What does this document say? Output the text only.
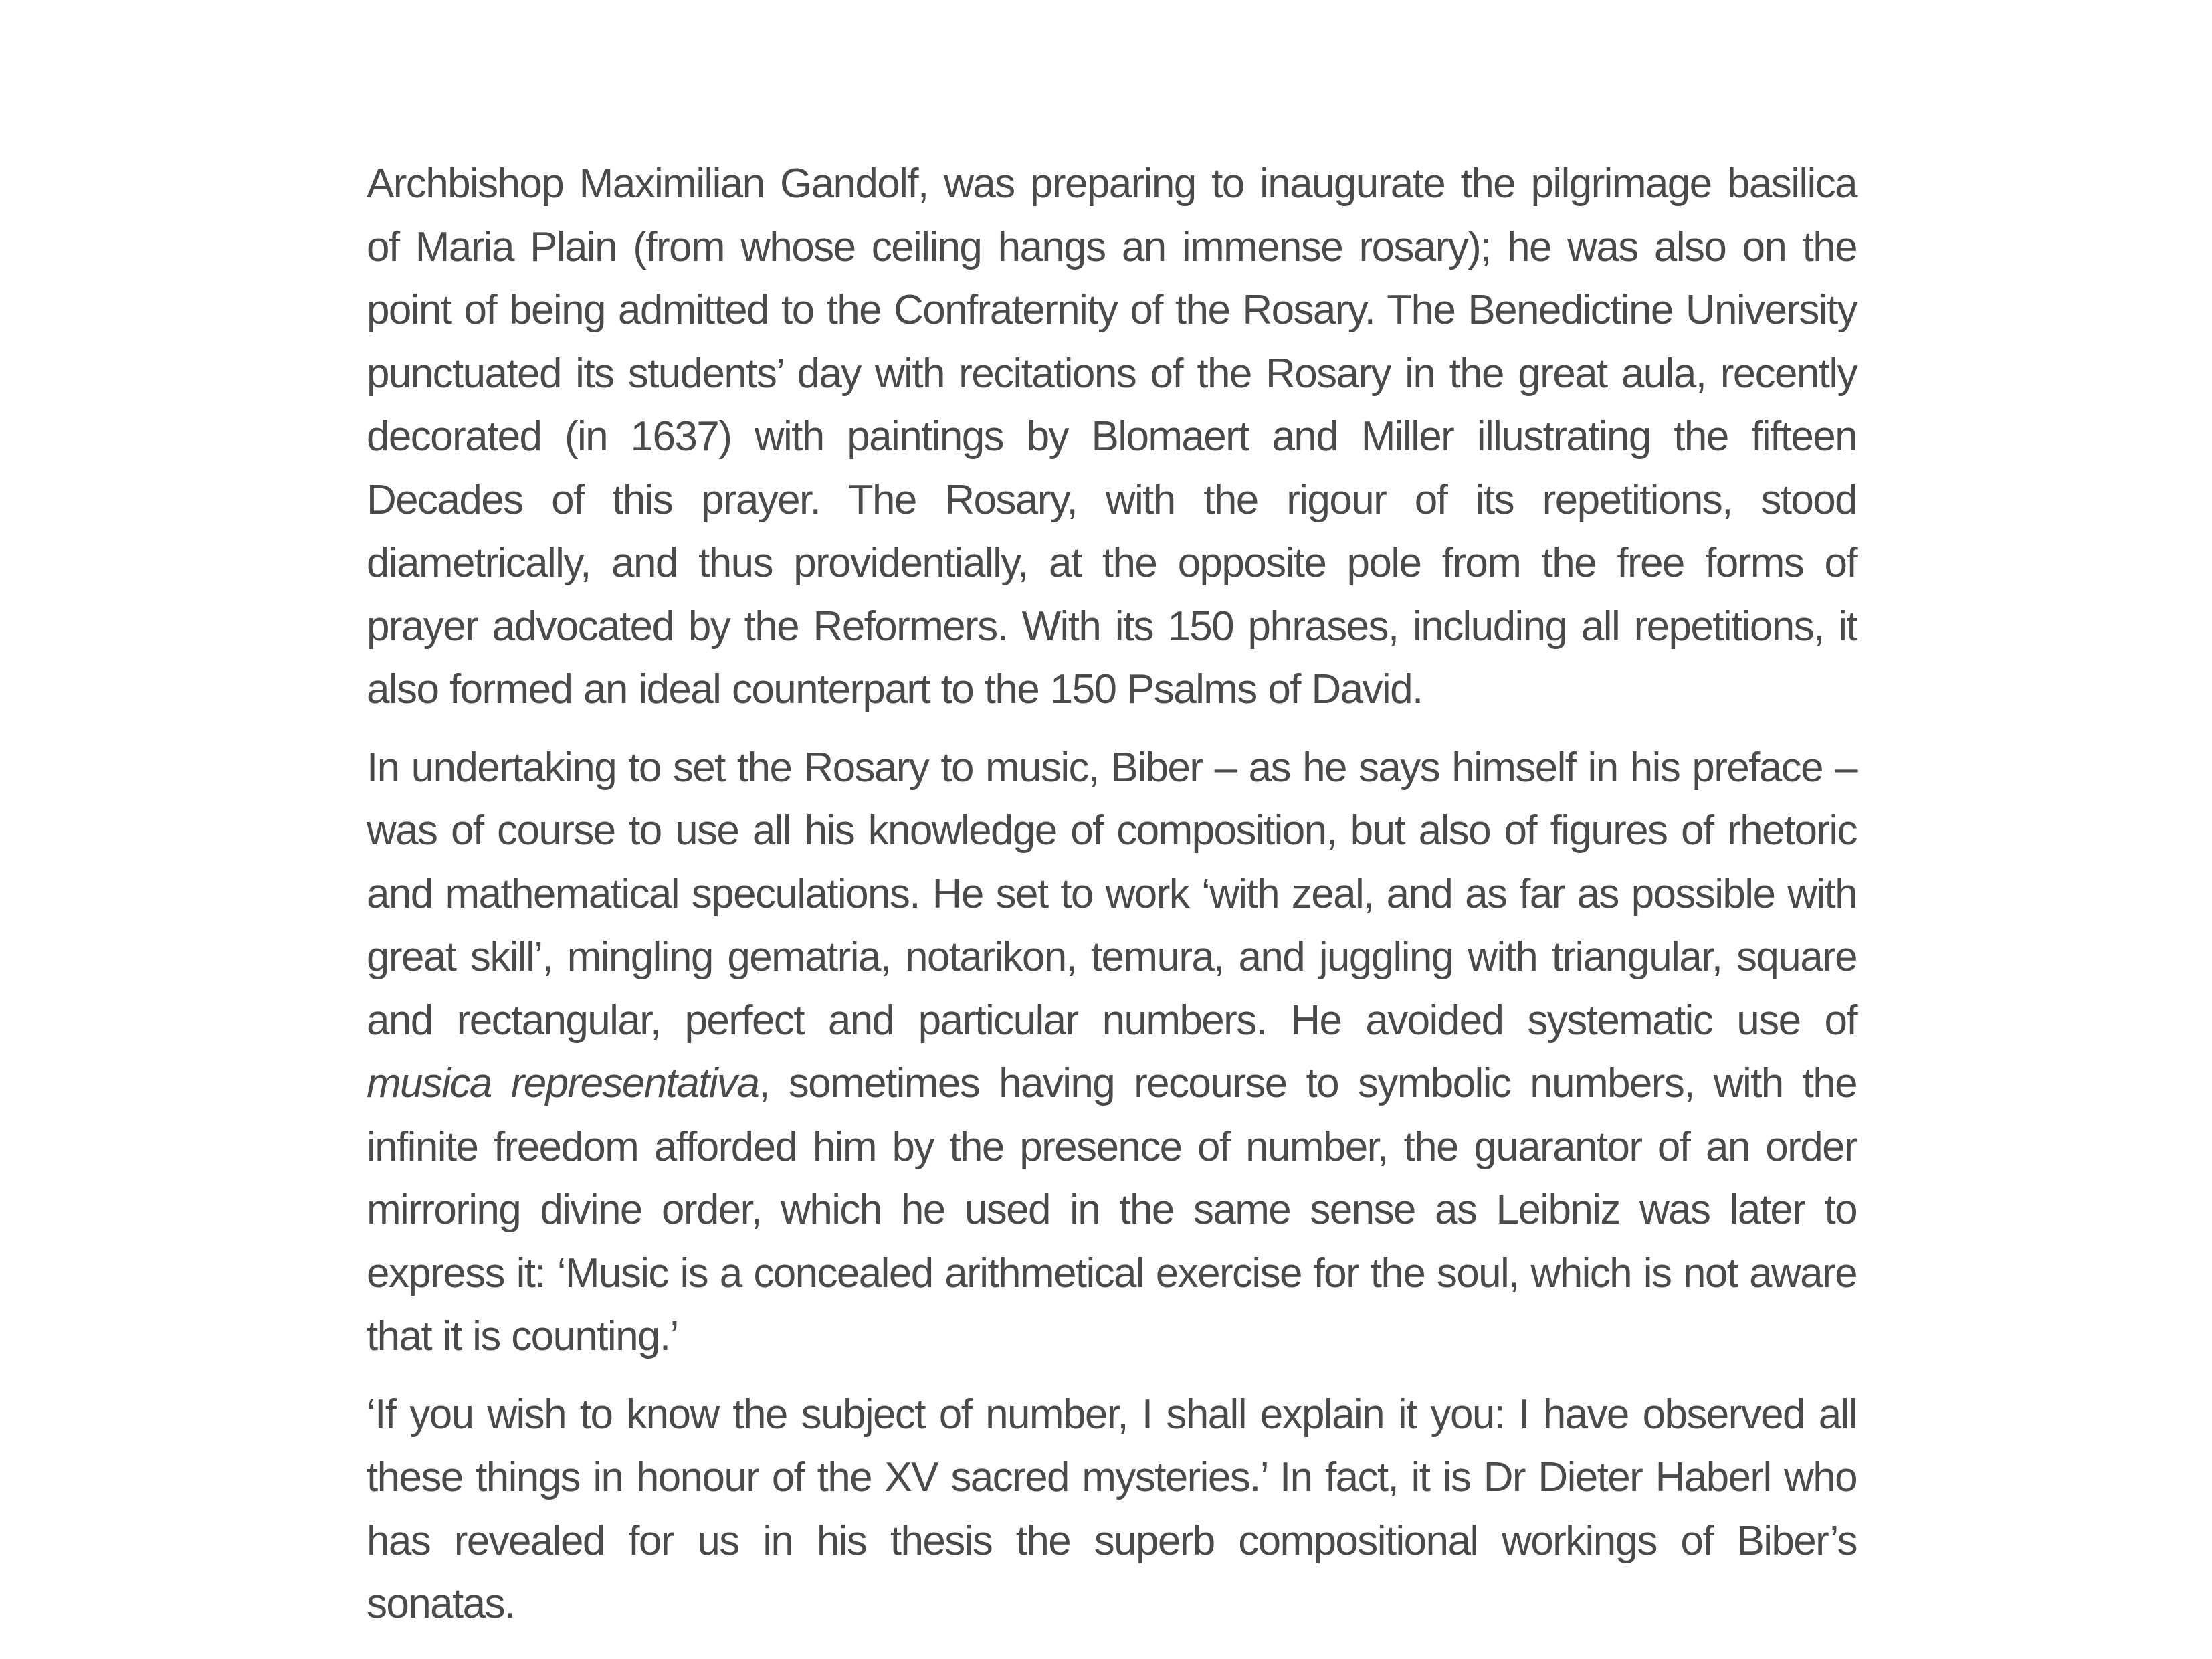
Archbishop Maximilian Gandolf, was preparing to inaugurate the pilgrimage basilica of Maria Plain (from whose ceiling hangs an immense rosary); he was also on the point of being admitted to the Confraternity of the Rosary. The Benedictine University punctuated its students’ day with recitations of the Rosary in the great aula, recently decorated (in 1637) with paintings by Blomaert and Miller illustrating the fifteen Decades of this prayer. The Rosary, with the rigour of its repetitions, stood diametrically, and thus providentially, at the opposite pole from the free forms of prayer advocated by the Reformers. With its 150 phrases, including all repetitions, it also formed an ideal counterpart to the 150 Psalms of David.

In undertaking to set the Rosary to music, Biber – as he says himself in his preface – was of course to use all his knowledge of composition, but also of figures of rhetoric and mathematical speculations. He set to work ‘with zeal, and as far as possible with great skill’, mingling gematria, notarikon, temura, and juggling with triangular, square and rectangular, perfect and particular numbers. He avoided systematic use of musica representativa, sometimes having recourse to symbolic numbers, with the infinite freedom afforded him by the presence of number, the guarantor of an order mirroring divine order, which he used in the same sense as Leibniz was later to express it: ‘Music is a concealed arithmetical exercise for the soul, which is not aware that it is counting.’

‘If you wish to know the subject of number, I shall explain it you: I have observed all these things in honour of the XV sacred mysteries.’ In fact, it is Dr Dieter Haberl who has revealed for us in his thesis the superb compositional workings of Biber’s sonatas.
